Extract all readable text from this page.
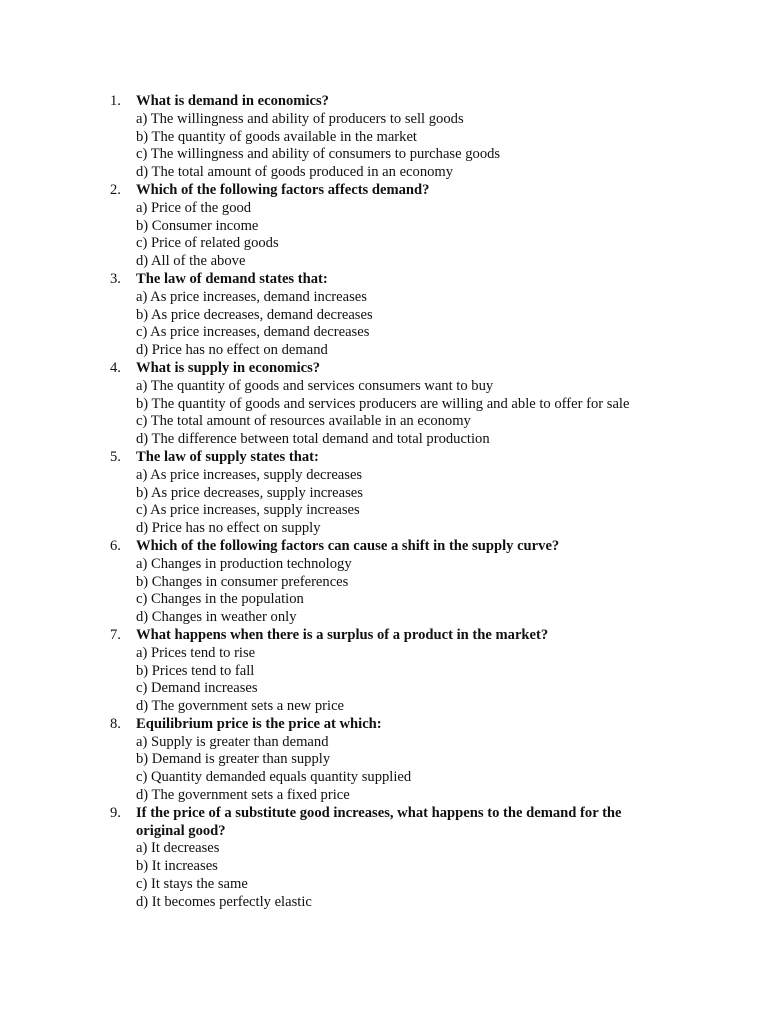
1.	What is demand in economics?
a) The willingness and ability of producers to sell goods
b) The quantity of goods available in the market
c) The willingness and ability of consumers to purchase goods
d) The total amount of goods produced in an economy
2.	Which of the following factors affects demand?
a) Price of the good
b) Consumer income
c) Price of related goods
d) All of the above
3.	The law of demand states that:
a) As price increases, demand increases
b) As price decreases, demand decreases
c) As price increases, demand decreases
d) Price has no effect on demand
4.	What is supply in economics?
a) The quantity of goods and services consumers want to buy
b) The quantity of goods and services producers are willing and able to offer for sale
c) The total amount of resources available in an economy
d) The difference between total demand and total production
5.	The law of supply states that:
a) As price increases, supply decreases
b) As price decreases, supply increases
c) As price increases, supply increases
d) Price has no effect on supply
6.	Which of the following factors can cause a shift in the supply curve?
a) Changes in production technology
b) Changes in consumer preferences
c) Changes in the population
d) Changes in weather only
7.	What happens when there is a surplus of a product in the market?
a) Prices tend to rise
b) Prices tend to fall
c) Demand increases
d) The government sets a new price
8.	Equilibrium price is the price at which:
a) Supply is greater than demand
b) Demand is greater than supply
c) Quantity demanded equals quantity supplied
d) The government sets a fixed price
9.	If the price of a substitute good increases, what happens to the demand for the original good?
a) It decreases
b) It increases
c) It stays the same
d) It becomes perfectly elastic
